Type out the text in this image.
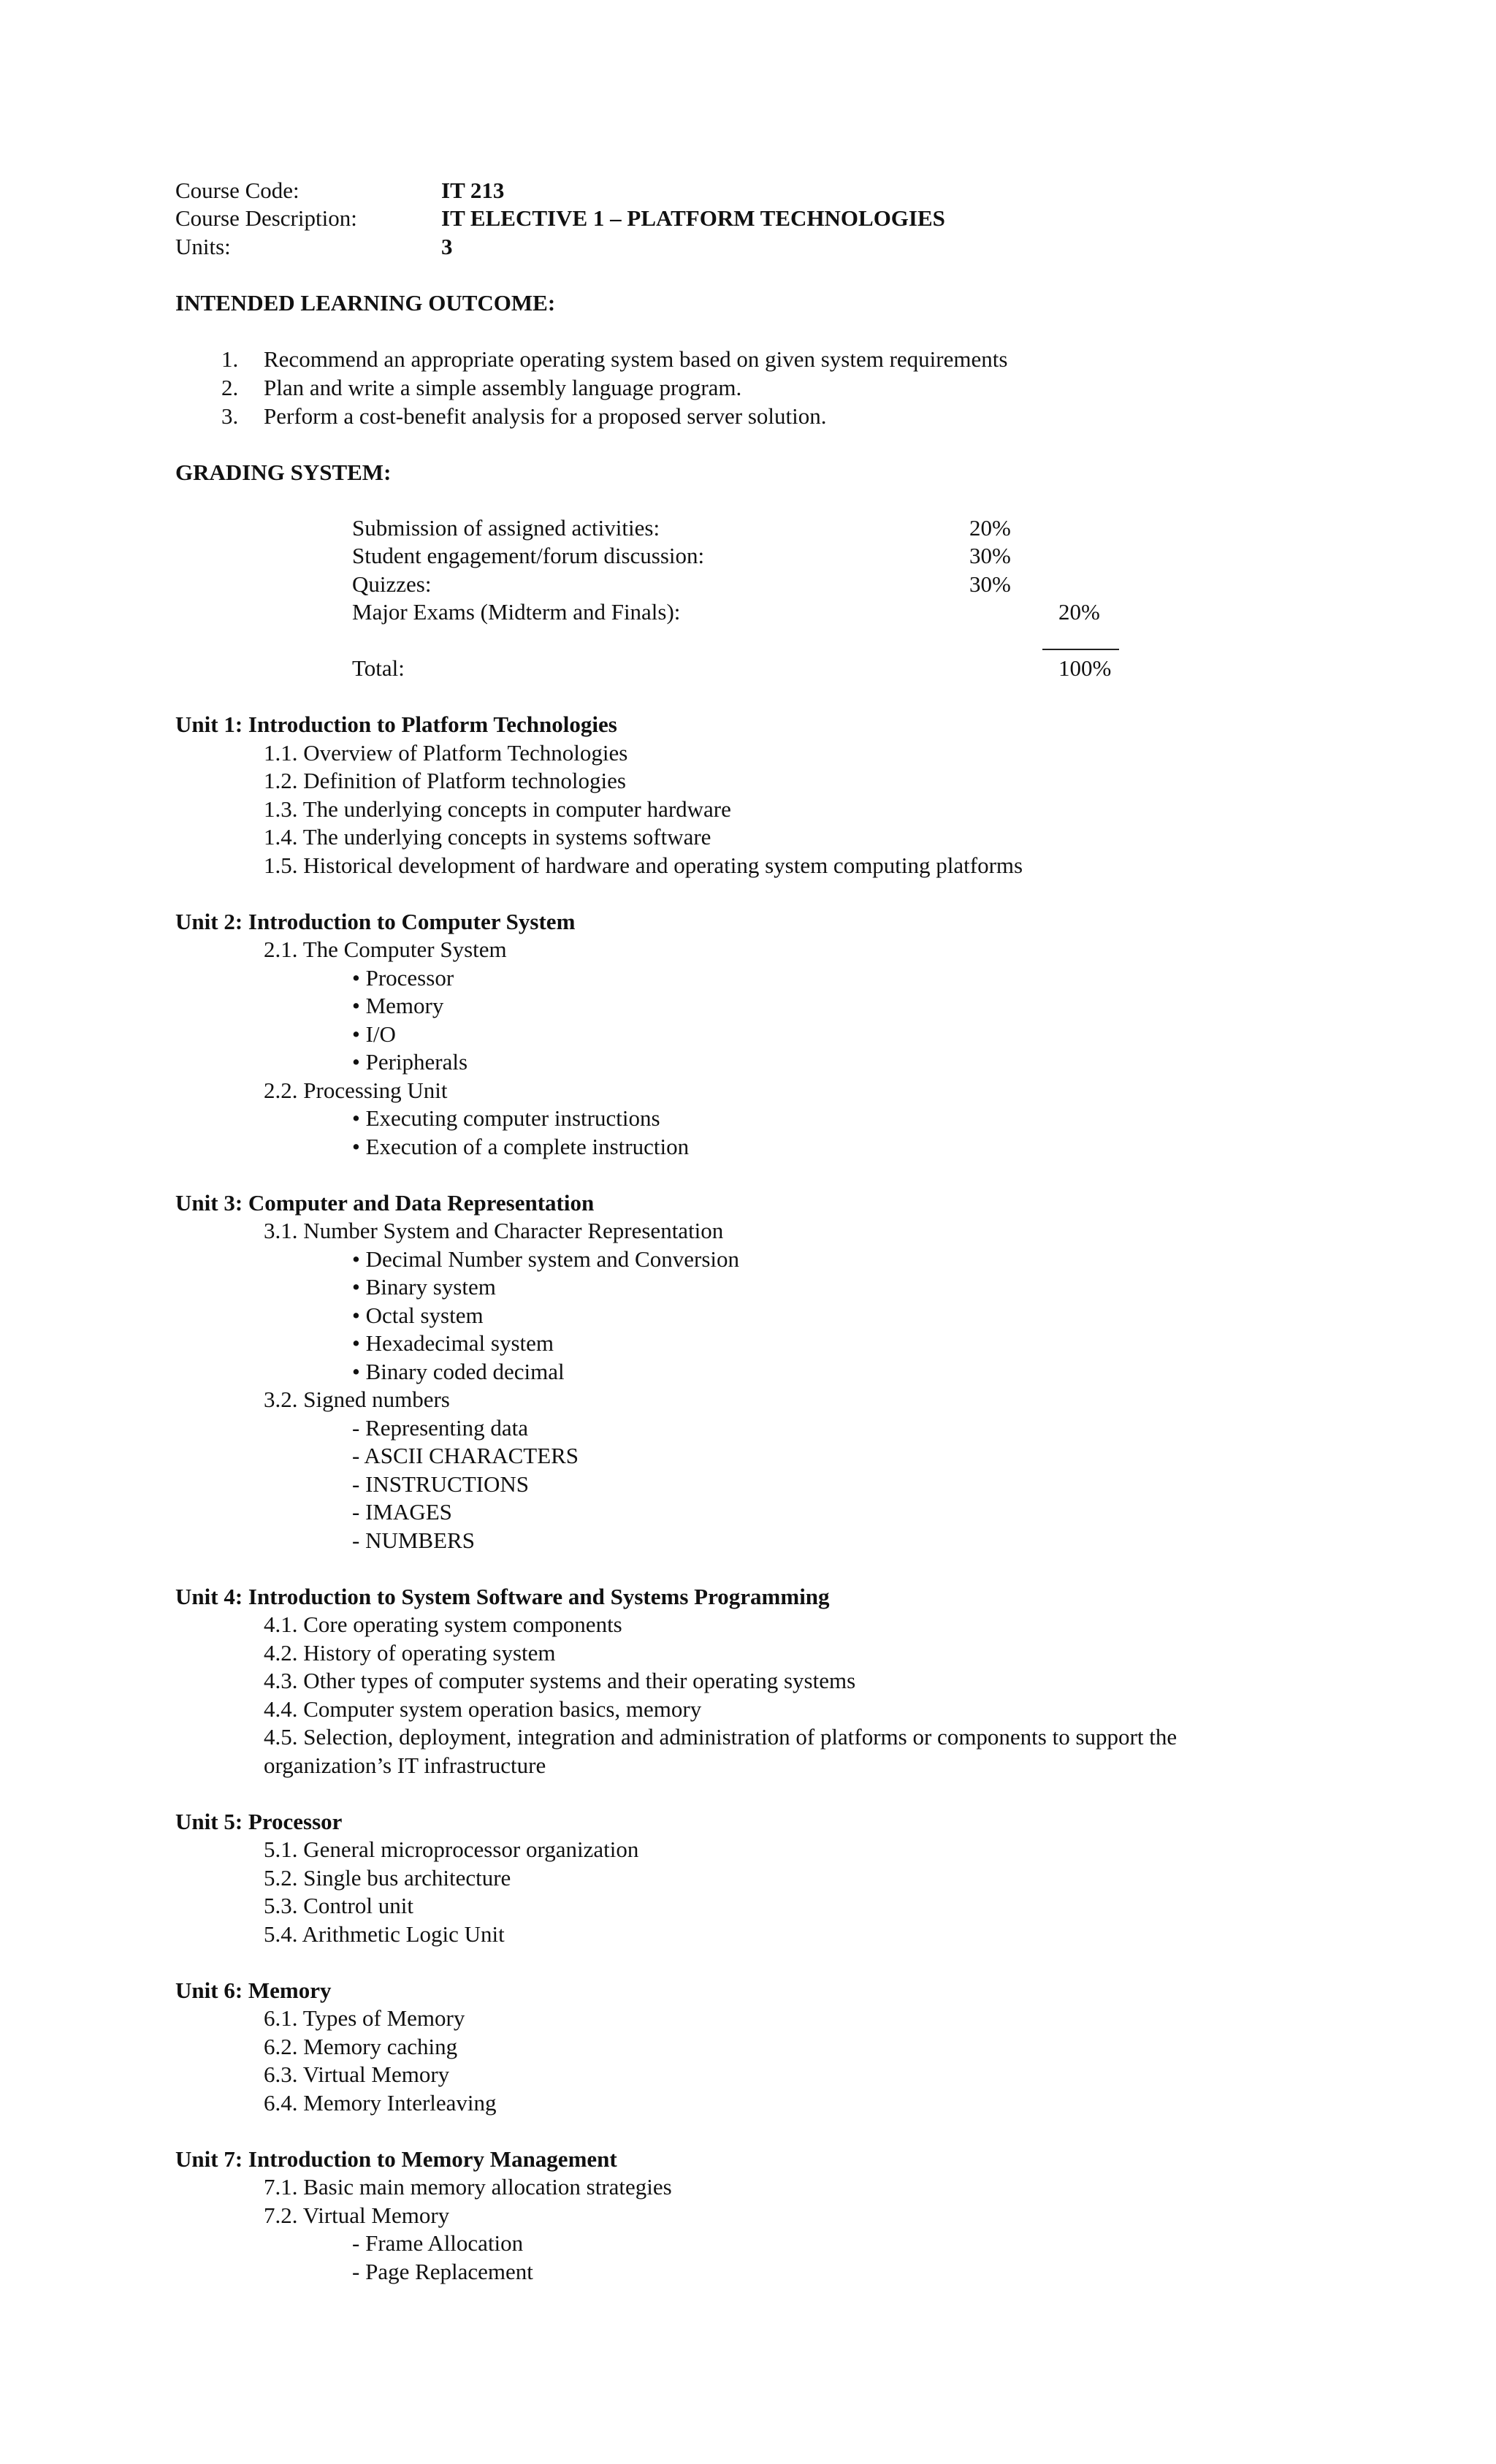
Course Code:	IT 213
Course Description:	IT ELECTIVE 1 – PLATFORM TECHNOLOGIES
Units:	3
INTENDED LEARNING OUTCOME:
1. Recommend an appropriate operating system based on given system requirements
2. Plan and write a simple assembly language program.
3. Perform a cost-benefit analysis for a proposed server solution.
GRADING SYSTEM:
Submission of assigned activities:	20%
Student engagement/forum discussion:	30%
Quizzes:	30%
Major Exams (Midterm and Finals):	20%
Total:	100%
Unit 1: Introduction to Platform Technologies
1.1. Overview of Platform Technologies
1.2. Definition of Platform technologies
1.3. The underlying concepts in computer hardware
1.4. The underlying concepts in systems software
1.5. Historical development of hardware and operating system computing platforms
Unit 2: Introduction to Computer System
2.1. The Computer System
• Processor
• Memory
• I/O
• Peripherals
2.2. Processing Unit
• Executing computer instructions
• Execution of a complete instruction
Unit 3: Computer and Data Representation
3.1. Number System and Character Representation
• Decimal Number system and Conversion
• Binary system
• Octal system
• Hexadecimal system
• Binary coded decimal
3.2. Signed numbers
- Representing data
- ASCII CHARACTERS
- INSTRUCTIONS
- IMAGES
- NUMBERS
Unit 4: Introduction to System Software and Systems Programming
4.1. Core operating system components
4.2. History of operating system
4.3. Other types of computer systems and their operating systems
4.4. Computer system operation basics, memory
4.5. Selection, deployment, integration and administration of platforms or components to support the
organization’s IT infrastructure
Unit 5: Processor
5.1. General microprocessor organization
5.2. Single bus architecture
5.3. Control unit
5.4. Arithmetic Logic Unit
Unit 6: Memory
6.1. Types of Memory
6.2. Memory caching
6.3. Virtual Memory
6.4. Memory Interleaving
Unit 7: Introduction to Memory Management
7.1. Basic main memory allocation strategies
7.2. Virtual Memory
- Frame Allocation
- Page Replacement
